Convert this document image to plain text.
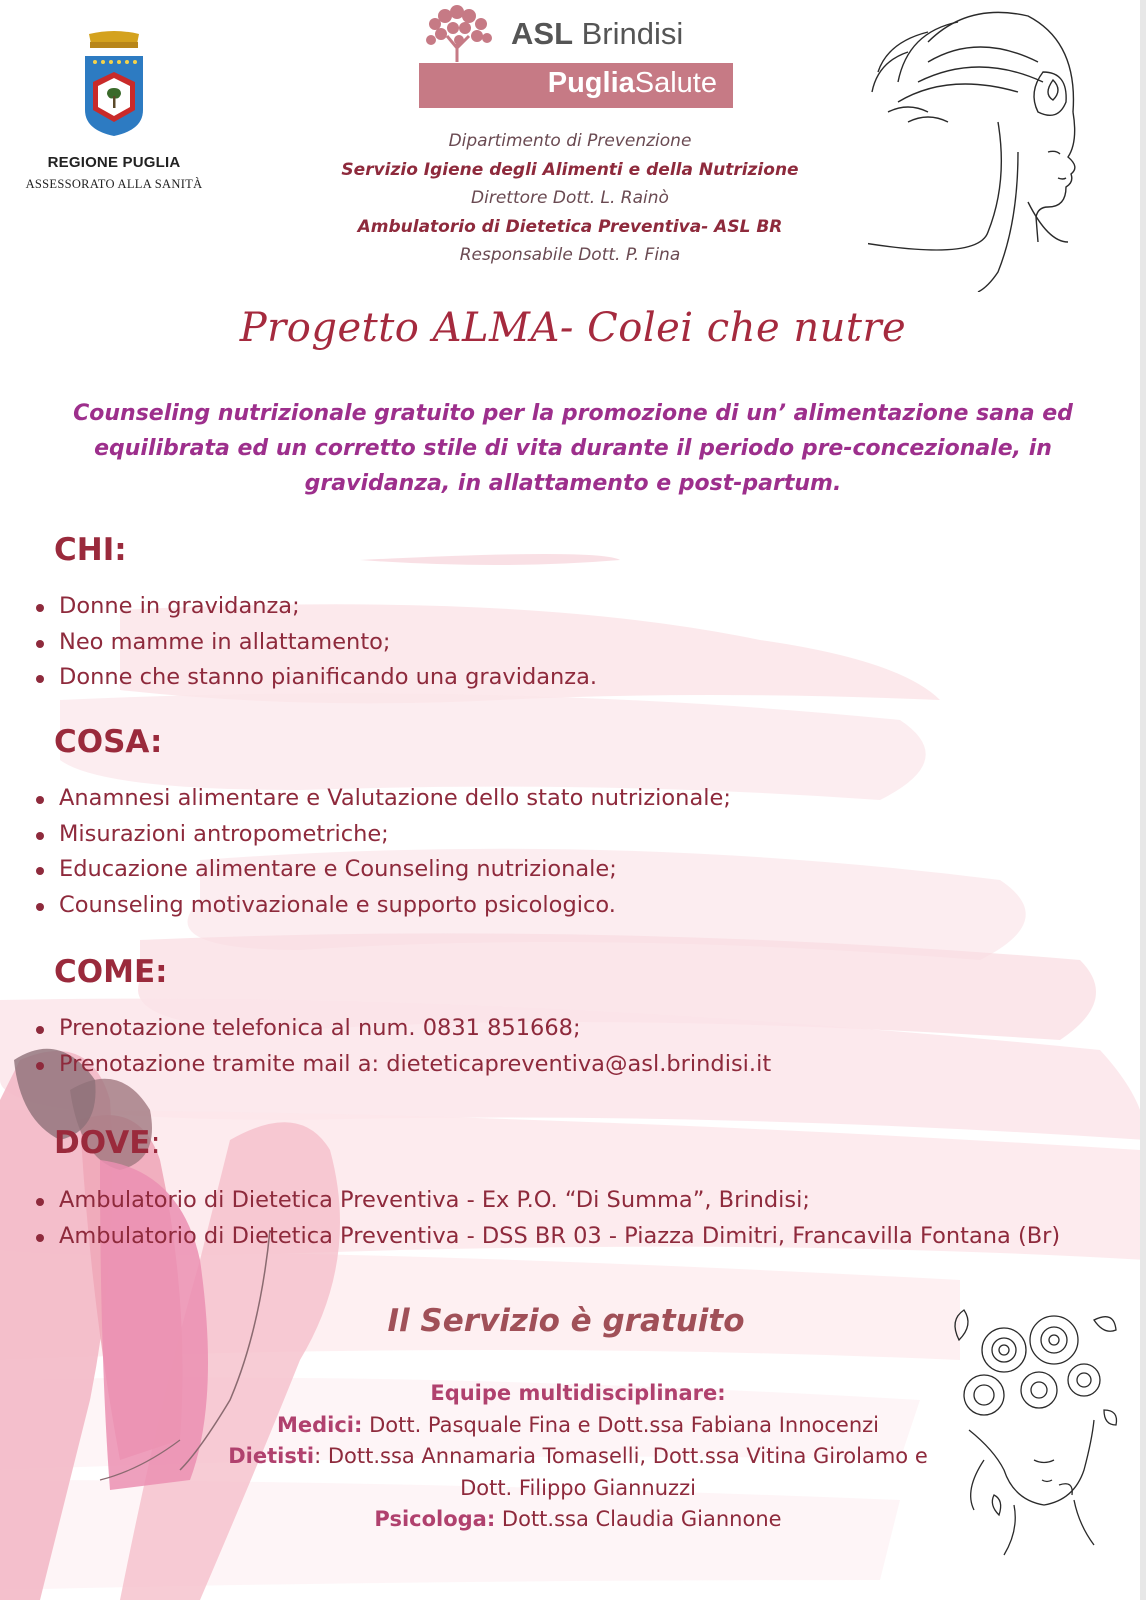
REGIONE PUGLIA
ASSESSORATO ALLA SANITÀ
ASL Brindisi
PugliaSalute
Dipartimento di Prevenzione
Servizio Igiene degli Alimenti e della Nutrizione
Direttore Dott. L. Rainò
Ambulatorio di Dietetica Preventiva- ASL BR
Responsabile Dott. P. Fina
Progetto ALMA- Colei che nutre
Counseling nutrizionale gratuito per la promozione di un’ alimentazione sana ed equilibrata ed un corretto stile di vita durante il periodo pre-concezionale, in gravidanza, in allattamento e post-partum.
CHI:
Donne in gravidanza;
Neo mamme in allattamento;
Donne che stanno pianificando una gravidanza.
COSA:
Anamnesi alimentare e Valutazione dello stato nutrizionale;
Misurazioni antropometriche;
Educazione alimentare e Counseling nutrizionale;
Counseling motivazionale e supporto psicologico.
COME:
Prenotazione telefonica al num. 0831 851668;
Prenotazione tramite mail a: dieteticapreventiva@asl.brindisi.it
DOVE:
Ambulatorio di Dietetica Preventiva - Ex P.O. “Di Summa”, Brindisi;
Ambulatorio di Dietetica Preventiva - DSS BR 03 - Piazza Dimitri, Francavilla Fontana (Br)
Il Servizio è gratuito
Equipe multidisciplinare:
Medici: Dott. Pasquale Fina e Dott.ssa Fabiana Innocenzi
Dietisti: Dott.ssa Annamaria Tomaselli, Dott.ssa Vitina Girolamo e
Dott. Filippo Giannuzzi
Psicologa: Dott.ssa Claudia Giannone
